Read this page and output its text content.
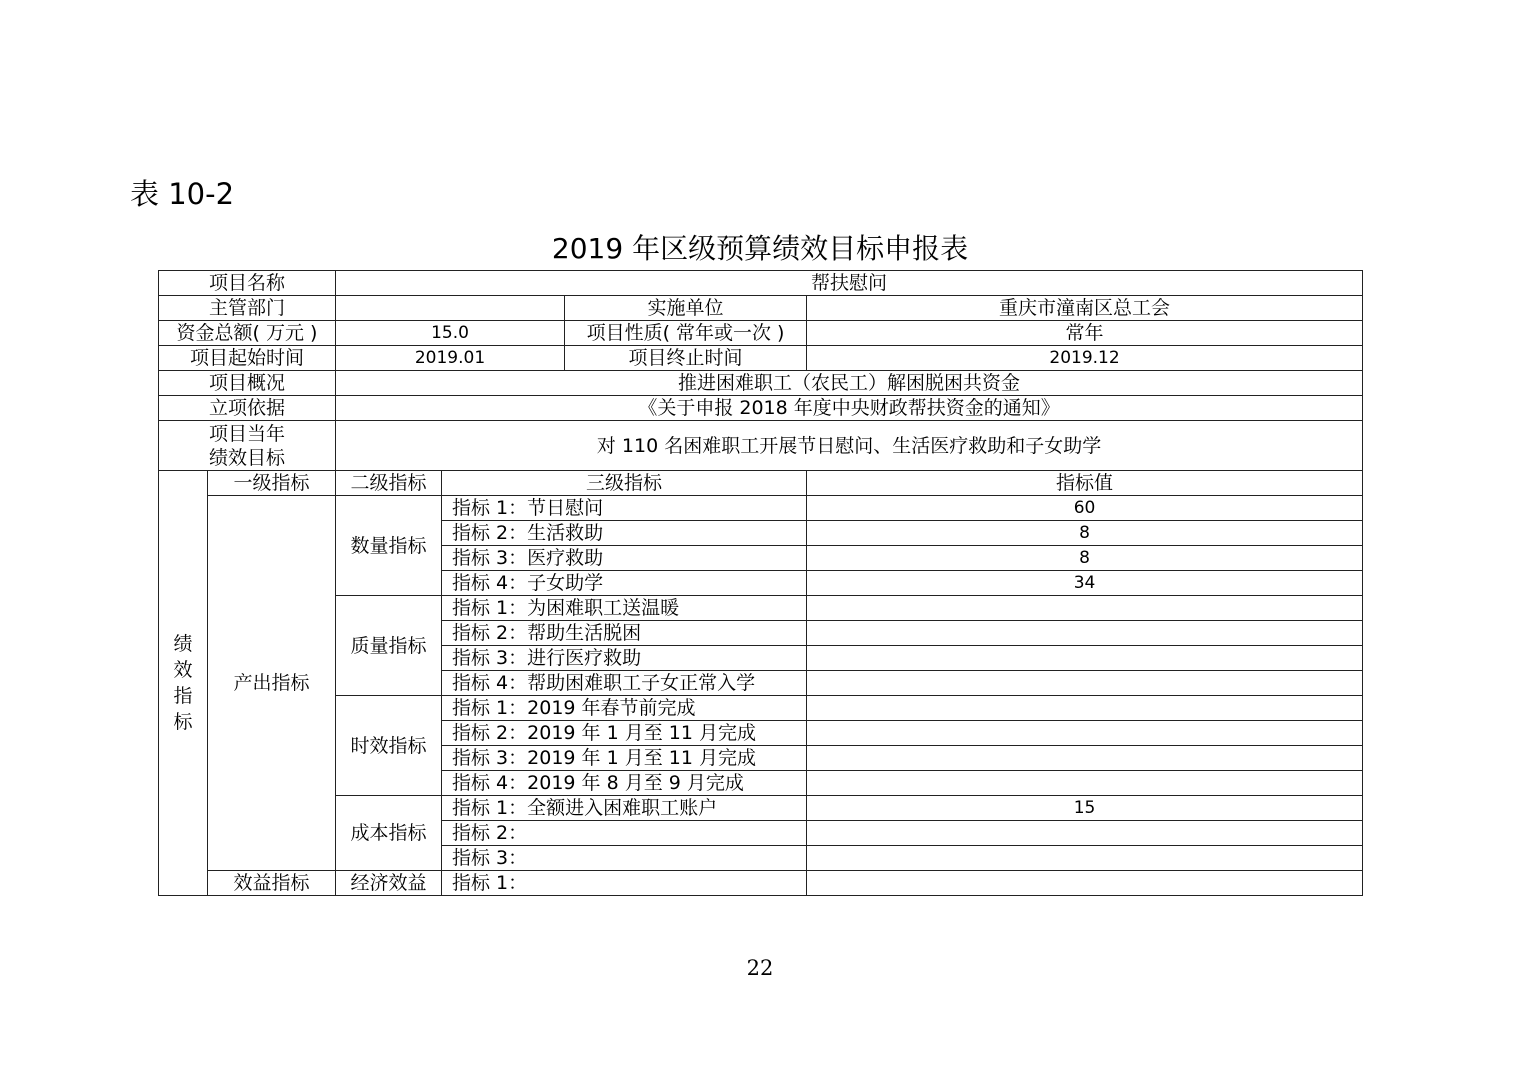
表 10-2
2019 年区级预算绩效目标申报表
项目名称		帮扶慰问			
主管部门				实施单位	重庆市潼南区总工会
资金总额( 万元 )		15.0		项目性质( 常年或一次 )	常年
项目起始时间		2019.01		项目终止时间	2019.12
项目概况		推进困难职工（农民工）解困脱困共资金			
立项依据		《关于申报 2018 年度中央财政帮扶资金的通知》			

项目当年
绩效目标		对 110 名困难职工开展节日慰问、生活医疗救助和子女助学			

绩
效
指
标	一级指标	二级指标	三级指标		指标值
	产出指标	数量指标	指标 1：节日慰问		60
			指标 2：生活救助		8
			指标 3：医疗救助		8
			指标 4：子女助学		34
		质量指标	指标 1：为困难职工送温暖		
			指标 2：帮助生活脱困		
			指标 3：进行医疗救助		
			指标 4：帮助困难职工子女正常入学		
		时效指标	指标 1：2019 年春节前完成		
			指标 2：2019 年 1 月至 11 月完成		
			指标 3：2019 年 1 月至 11 月完成		
			指标 4：2019 年 8 月至 9 月完成		
		成本指标	指标 1：全额进入困难职工账户		15
			指标 2：		
			指标 3：		
	效益指标	经济效益	指标 1：		
22
